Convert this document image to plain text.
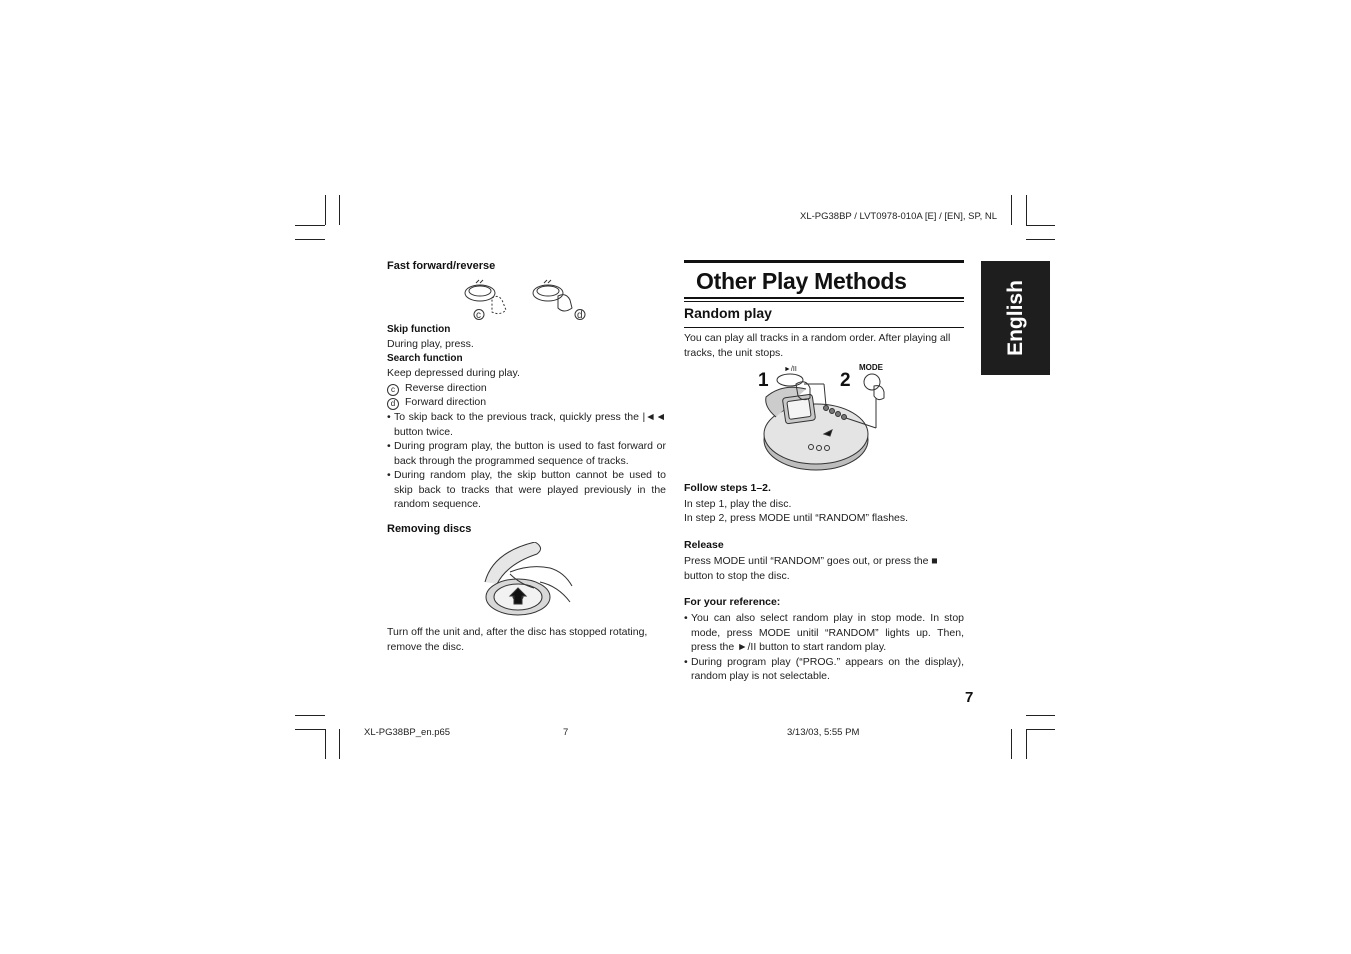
XL-PG38BP / LVT0978-010A [E] / [EN], SP, NL
English
Fast forward/reverse
c	d
Skip function
During play, press.
Search function
Keep depressed during play.
c Reverse direction
d Forward direction
• To skip back to the previous track, quickly press the |◄◄ button twice.
• During program play, the button is used to fast forward or back through the programmed sequence of tracks.
• During random play, the skip button cannot be used to skip back to tracks that were played previously in the random sequence.
Removing discs
Turn off the unit and, after the disc has stopped rotating, remove the disc.
Other Play Methods
Random play
You can play all tracks in a random order. After playing all tracks, the unit stops.
1
►/II
2
MODE
Follow steps 1–2.
In step 1, play the disc.
In step 2, press MODE until “RANDOM” flashes.
Release
Press MODE until “RANDOM” goes out, or press the ■ button to stop the disc.
For your reference:
• You can also select random play in stop mode. In stop mode, press MODE unitil “RANDOM” lights up. Then, press the ►/II button to start random play.
• During program play (“PROG.” appears on the display), random play is not selectable.
7
XL-PG38BP_en.p65	7	3/13/03, 5:55 PM
